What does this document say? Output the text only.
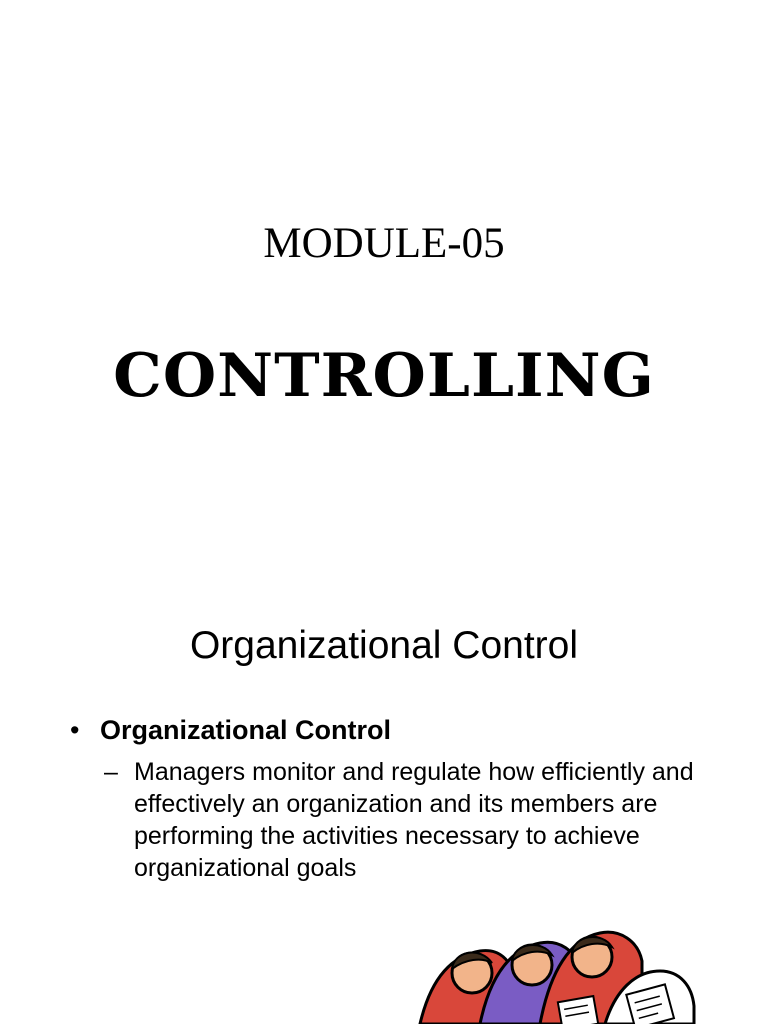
MODULE-05
CONTROLLING
Organizational Control
• Organizational Control
– Managers monitor and regulate how efficiently and effectively an organization and its members are performing the activities necessary to achieve organizational goals
